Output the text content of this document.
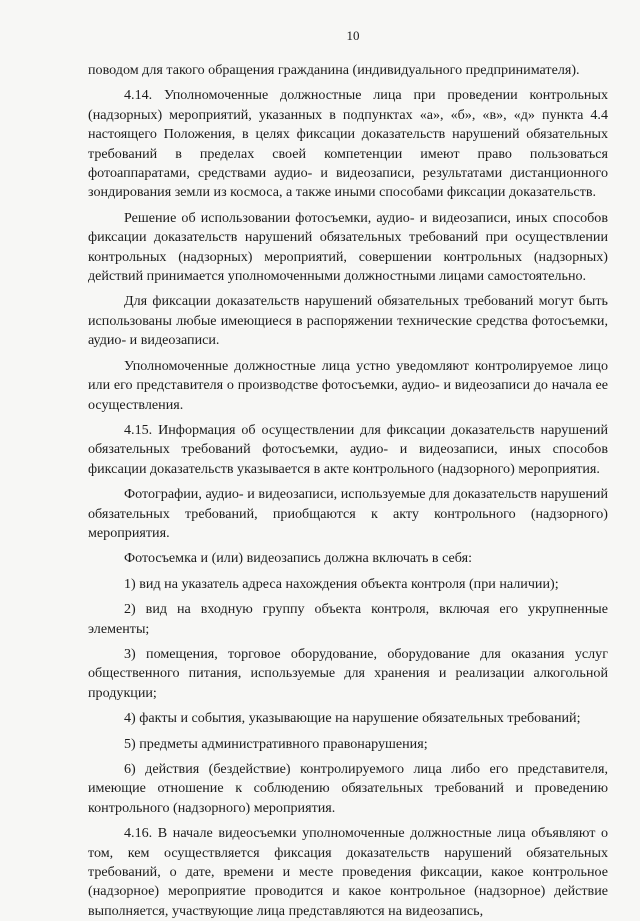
10

поводом для такого обращения гражданина (индивидуального предпринимателя).

4.14. Уполномоченные должностные лица при проведении контрольных (надзорных) мероприятий, указанных в подпунктах «а», «б», «в», «д» пункта 4.4 настоящего Положения, в целях фиксации доказательств нарушений обязательных требований в пределах своей компетенции имеют право пользоваться фотоаппаратами, средствами аудио- и видеозаписи, результатами дистанционного зондирования земли из космоса, а также иными способами фиксации доказательств.

Решение об использовании фотосъемки, аудио- и видеозаписи, иных способов фиксации доказательств нарушений обязательных требований при осуществлении контрольных (надзорных) мероприятий, совершении контрольных (надзорных) действий принимается уполномоченными должностными лицами самостоятельно.

Для фиксации доказательств нарушений обязательных требований могут быть использованы любые имеющиеся в распоряжении технические средства фотосъемки, аудио- и видеозаписи.

Уполномоченные должностные лица устно уведомляют контролируемое лицо или его представителя о производстве фотосъемки, аудио- и видеозаписи до начала ее осуществления.

4.15. Информация об осуществлении для фиксации доказательств нарушений обязательных требований фотосъемки, аудио- и видеозаписи, иных способов фиксации доказательств указывается в акте контрольного (надзорного) мероприятия.

Фотографии, аудио- и видеозаписи, используемые для доказательств нарушений обязательных требований, приобщаются к акту контрольного (надзорного) мероприятия.

Фотосъемка и (или) видеозапись должна включать в себя:

1) вид на указатель адреса нахождения объекта контроля (при наличии);

2) вид на входную группу объекта контроля, включая его укрупненные элементы;

3) помещения, торговое оборудование, оборудование для оказания услуг общественного питания, используемые для хранения и реализации алкогольной продукции;

4) факты и события, указывающие на нарушение обязательных требований;

5) предметы административного правонарушения;

6) действия (бездействие) контролируемого лица либо его представителя, имеющие отношение к соблюдению обязательных требований и проведению контрольного (надзорного) мероприятия.

4.16. В начале видеосъемки уполномоченные должностные лица объявляют о том, кем осуществляется фиксация доказательств нарушений обязательных требований, о дате, времени и месте проведения фиксации, какое контрольное (надзорное) мероприятие проводится и какое контрольное (надзорное) действие выполняется, участвующие лица представляются на видеозапись,
